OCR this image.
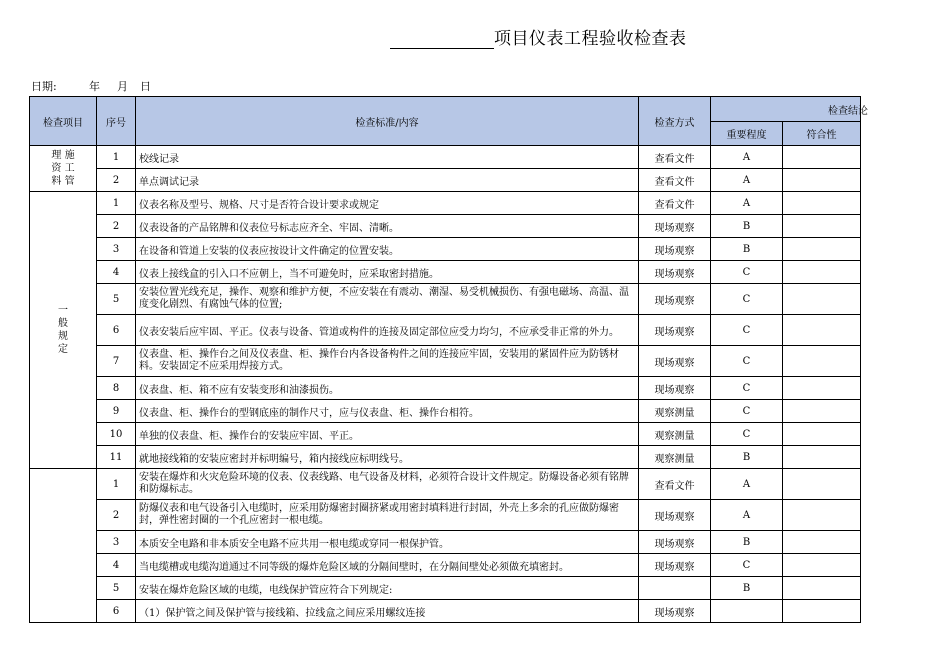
项目仪表工程验收检查表
日期:	年	月	日
检查项目	序号	检查标准/内容	检查方式	检查结论	

				重要程度	符合性

理 施
资 工
料 管	1	校线记录	查看文件	A	
	2	单点调试记录	查看文件	A	

一
般
规
定	1	仪表名称及型号、规格、尺寸是否符合设计要求或规定	查看文件	A	
	2	仪表设备的产品铭牌和仪表位号标志应齐全、牢固、清晰。	现场观察	B	
	3	在设备和管道上安装的仪表应按设计文件确定的位置安装。	现场观察	B	
	4	仪表上接线盒的引入口不应朝上，当不可避免时，应采取密封措施。	现场观察	C	
	5	安装位置光线充足，操作、观察和维护方便，不应安装在有震动、潮湿、易受机械损伤、有强电磁场、高温、温度变化剧烈、有腐蚀气体的位置;	现场观察	C	
	6	仪表安装后应牢固、平正。仪表与设备、管道或构件的连接及固定部位应受力均匀，不应承受非正常的外力。	现场观察	C	
	7	仪表盘、柜、操作台之间及仪表盘、柜、操作台内各设备构件之间的连接应牢固，安装用的紧固件应为防锈材料。安装固定不应采用焊接方式。	现场观察	C	
	8	仪表盘、柜、箱不应有安装变形和油漆损伤。	现场观察	C	
	9	仪表盘、柜、操作台的型钢底座的制作尺寸，应与仪表盘、柜、操作台相符。	观察测量	C	
	10	单独的仪表盘、柜、操作台的安装应牢固、平正。	观察测量	C	
	11	就地接线箱的安装应密封并标明编号，箱内接线应标明线号。	观察测量	B	
	1	安装在爆炸和火灾危险环境的仪表、仪表线路、电气设备及材料，必须符合设计文件规定。防爆设备必须有铭牌和防爆标志。	查看文件	A	
	2	防爆仪表和电气设备引入电缆时，应采用防爆密封圈挤紧或用密封填料进行封固，外壳上多余的孔应做防爆密封，弹性密封圈的一个孔应密封一根电缆。	现场观察	A	
	3	本质安全电路和非本质安全电路不应共用一根电缆或穿同一根保护管。	现场观察	B	
	4	当电缆槽或电缆沟道通过不同等级的爆炸危险区域的分隔间壁时，在分隔间壁处必须做充填密封。	现场观察	C	
	5	安装在爆炸危险区域的电缆，电线保护管应符合下列规定:		B	
	6	（1）保护管之间及保护管与接线箱、拉线盒之间应采用螺纹连接	现场观察		
